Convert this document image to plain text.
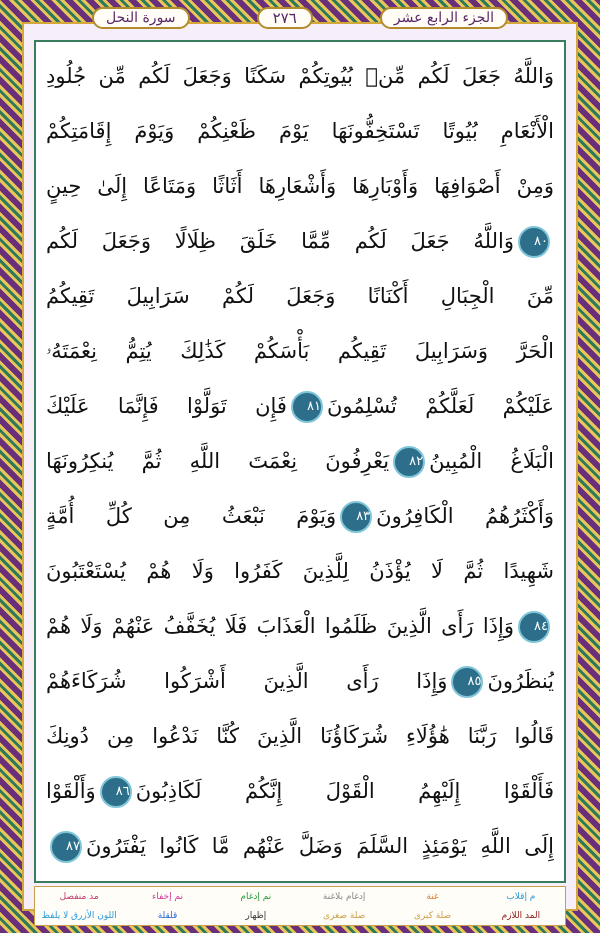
سورة النحل	٢٧٦	الجزء الرابع عشر
وَاللَّهُ جَعَلَ لَكُم مِّنۢ بُيُوتِكُمْ سَكَنًا وَجَعَلَ لَكُم مِّن جُلُودِ
الْأَنْعَامِ بُيُوتًا تَسْتَخِفُّونَهَا يَوْمَ ظَعْنِكُمْ وَيَوْمَ إِقَامَتِكُمْ
وَمِنْ أَصْوَافِهَا وَأَوْبَارِهَا وَأَشْعَارِهَا أَثَاثًا وَمَتَاعًا إِلَىٰ حِينٍ
٨٠وَاللَّهُ جَعَلَ لَكُم مِّمَّا خَلَقَ ظِلَالًا وَجَعَلَ لَكُم
مِّنَ الْجِبَالِ أَكْنَانًا وَجَعَلَ لَكُمْ سَرَابِيلَ تَقِيكُمُ
الْحَرَّ وَسَرَابِيلَ تَقِيكُم بَأْسَكُمْ كَذَٰلِكَ يُتِمُّ نِعْمَتَهُۥ
عَلَيْكُمْ لَعَلَّكُمْ تُسْلِمُونَ٨١فَإِن تَوَلَّوْا فَإِنَّمَا عَلَيْكَ
الْبَلَاغُ الْمُبِينُ٨٢يَعْرِفُونَ نِعْمَتَ اللَّهِ ثُمَّ يُنكِرُونَهَا
وَأَكْثَرُهُمُ الْكَافِرُونَ٨٣وَيَوْمَ نَبْعَثُ مِن كُلِّ أُمَّةٍ
شَهِيدًا ثُمَّ لَا يُؤْذَنُ لِلَّذِينَ كَفَرُوا وَلَا هُمْ يُسْتَعْتَبُونَ
٨٤وَإِذَا رَأَى الَّذِينَ ظَلَمُوا الْعَذَابَ فَلَا يُخَفَّفُ عَنْهُمْ وَلَا هُمْ
يُنظَرُونَ٨٥وَإِذَا رَأَى الَّذِينَ أَشْرَكُوا شُرَكَاءَهُمْ
قَالُوا رَبَّنَا هَٰؤُلَاءِ شُرَكَاؤُنَا الَّذِينَ كُنَّا نَدْعُوا مِن دُونِكَ
فَأَلْقَوْا إِلَيْهِمُ الْقَوْلَ إِنَّكُمْ لَكَاذِبُونَ٨٦وَأَلْقَوْا
إِلَى اللَّهِ يَوْمَئِذٍ السَّلَمَ وَضَلَّ عَنْهُم مَّا كَانُوا يَفْتَرُونَ٨٧
م إقلاب
غنة
إدغام بلاغنة
نم إدغام
نم إخفاء
مد منفصل
المد اللازم
صلة كبرى
صلة صغرى
إظهار
قلقلة
اللون الأزرق لا يلفظ
